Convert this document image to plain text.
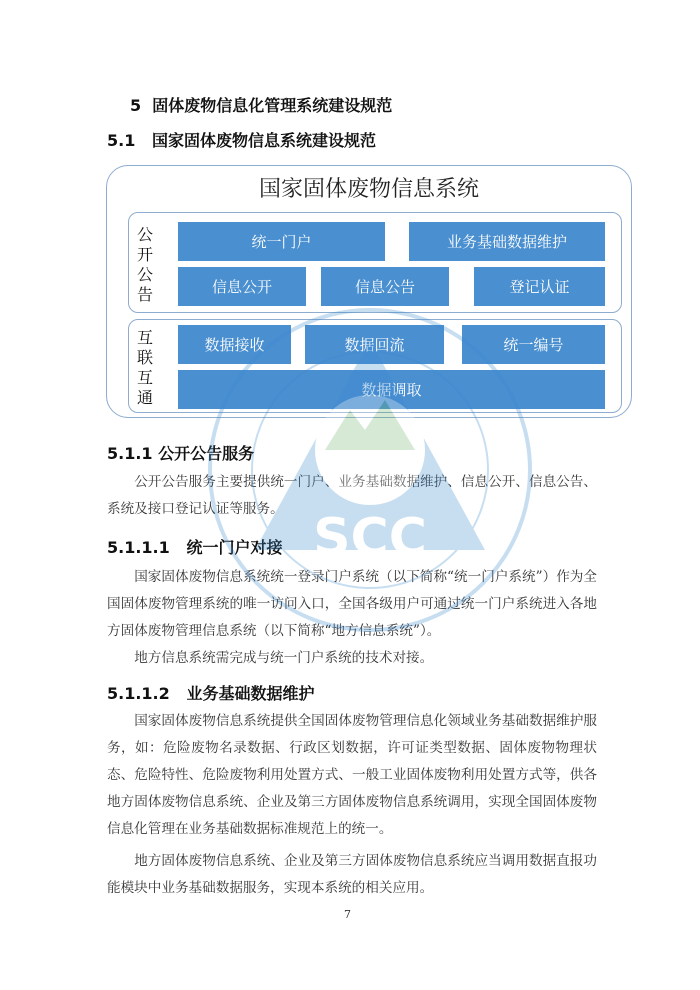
5  固体废物信息化管理系统建设规范
5.1   国家固体废物信息系统建设规范
国家固体废物信息系统
公开公告
统一门户	业务基础数据维护
信息公开	信息公告	登记认证
互联互通
数据接收	数据回流	统一编号
数据调取
5.1.1 公开公告服务

公开公告服务主要提供统一门户、业务基础数据维护、信息公开、信息公告、系统及接口登记认证等服务。

5.1.1.1   统一门户对接

国家固体废物信息系统统一登录门户系统（以下简称“统一门户系统”）作为全国固体废物管理系统的唯一访问入口，全国各级用户可通过统一门户系统进入各地方固体废物管理信息系统（以下简称“地方信息系统”）。

地方信息系统需完成与统一门户系统的技术对接。

5.1.1.2   业务基础数据维护

国家固体废物信息系统提供全国固体废物管理信息化领域业务基础数据维护服务，如：危险废物名录数据、行政区划数据，许可证类型数据、固体废物物理状态、危险特性、危险废物利用处置方式、一般工业固体废物利用处置方式等，供各地方固体废物信息系统、企业及第三方固体废物信息系统调用，实现全国固体废物信息化管理在业务基础数据标准规范上的统一。

地方固体废物信息系统、企业及第三方固体废物信息系统应当调用数据直报功能模块中业务基础数据服务，实现本系统的相关应用。

7
SCC
